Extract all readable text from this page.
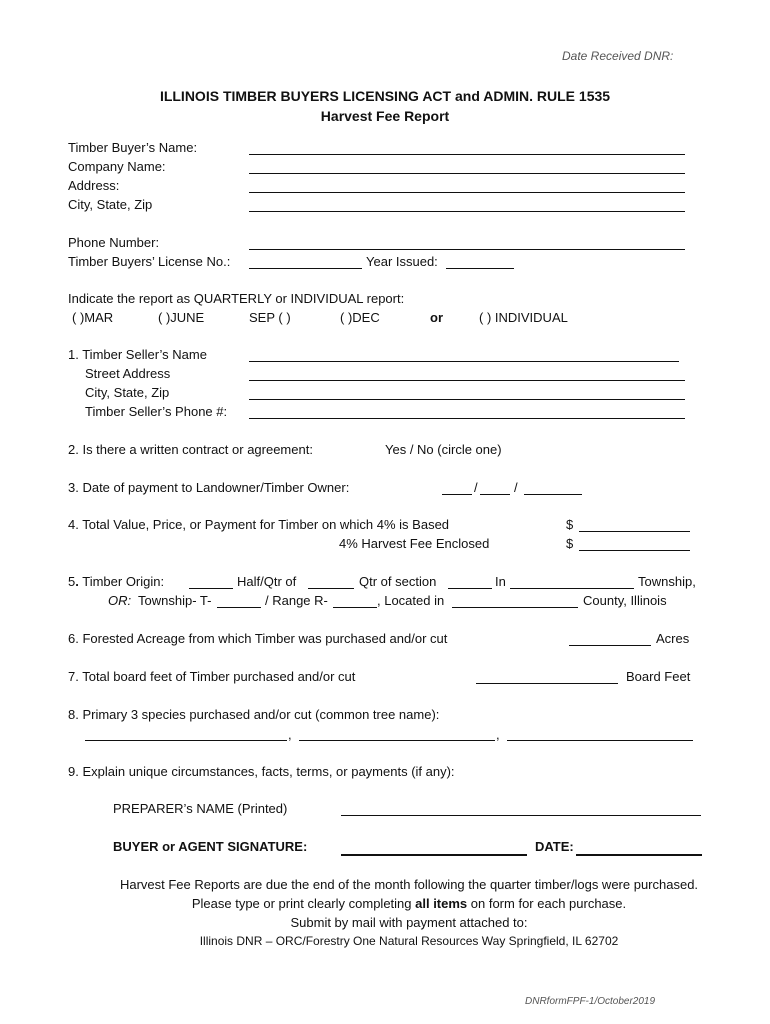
Date Received DNR:
ILLINOIS TIMBER BUYERS LICENSING ACT and ADMIN. RULE 1535
Harvest Fee Report
Timber Buyer’s Name:
Company Name:
Address:
City, State, Zip
Phone Number:
Timber Buyers’ License No.:	Year Issued:
Indicate the report as QUARTERLY or INDIVIDUAL report:
( )MAR	( )JUNE	SEP ( )	( )DEC	or	( ) INDIVIDUAL
1. Timber Seller’s Name
Street Address
City, State, Zip
Timber Seller’s Phone #:
2. Is there a written contract or agreement:	Yes / No (circle one)
3. Date of payment to Landowner/Timber Owner:	/	/
4. Total Value, Price, or Payment for Timber on which 4% is Based	$
4% Harvest Fee Enclosed	$
5. Timber Origin:	Half/Qtr of	Qtr of section	In	Township,
OR: Township- T-	/ Range R-	, Located in	County, Illinois
6. Forested Acreage from which Timber was purchased and/or cut	Acres
7. Total board feet of Timber purchased and/or cut	Board Feet
8. Primary 3 species purchased and/or cut (common tree name):
,	,
9. Explain unique circumstances, facts, terms, or payments (if any):
PREPARER’s NAME (Printed)
BUYER or AGENT SIGNATURE:	DATE:
Harvest Fee Reports are due the end of the month following the quarter timber/logs were purchased.
Please type or print clearly completing all items on form for each purchase.
Submit by mail with payment attached to:
Illinois DNR – ORC/Forestry One Natural Resources Way Springfield, IL 62702
DNRformFPF-1/October2019
